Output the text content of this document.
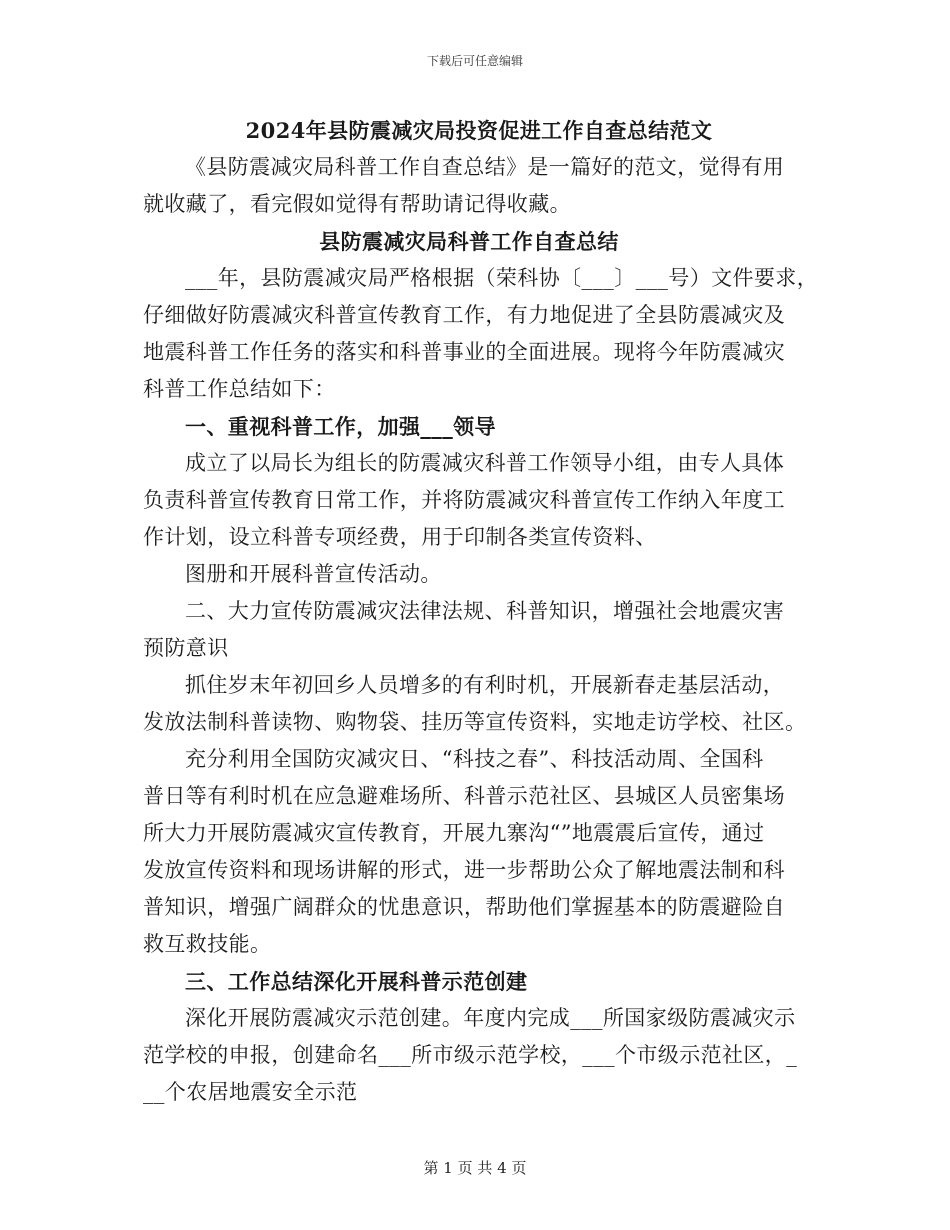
下载后可任意编辑
2024年县防震减灾局投资促进工作自查总结范文
《县防震减灾局科普工作自查总结》是一篇好的范文，觉得有用
就收藏了，看完假如觉得有帮助请记得收藏。
县防震减灾局科普工作自查总结
___年，县防震减灾局严格根据（荣科协〔___〕___号）文件要求，
仔细做好防震减灾科普宣传教育工作，有力地促进了全县防震减灾及
地震科普工作任务的落实和科普事业的全面进展。现将今年防震减灾
科普工作总结如下：
一、重视科普工作，加强___领导
成立了以局长为组长的防震减灾科普工作领导小组，由专人具体
负责科普宣传教育日常工作，并将防震减灾科普宣传工作纳入年度工
作计划，设立科普专项经费，用于印制各类宣传资料、
图册和开展科普宣传活动。
二、大力宣传防震减灾法律法规、科普知识，增强社会地震灾害
预防意识
抓住岁末年初回乡人员增多的有利时机，开展新春走基层活动，
发放法制科普读物、购物袋、挂历等宣传资料，实地走访学校、社区。
充分利用全国防灾减灾日、“科技之春”、科技活动周、全国科
普日等有利时机在应急避难场所、科普示范社区、县城区人员密集场
所大力开展防震减灾宣传教育，开展九寨沟“”地震震后宣传，通过
发放宣传资料和现场讲解的形式，进一步帮助公众了解地震法制和科
普知识，增强广阔群众的忧患意识，帮助他们掌握基本的防震避险自
救互救技能。
三、工作总结深化开展科普示范创建
深化开展防震减灾示范创建。年度内完成___所国家级防震减灾示
范学校的申报，创建命名___所市级示范学校，___个市级示范社区，_
__个农居地震安全示范
第 1 页 共 4 页
